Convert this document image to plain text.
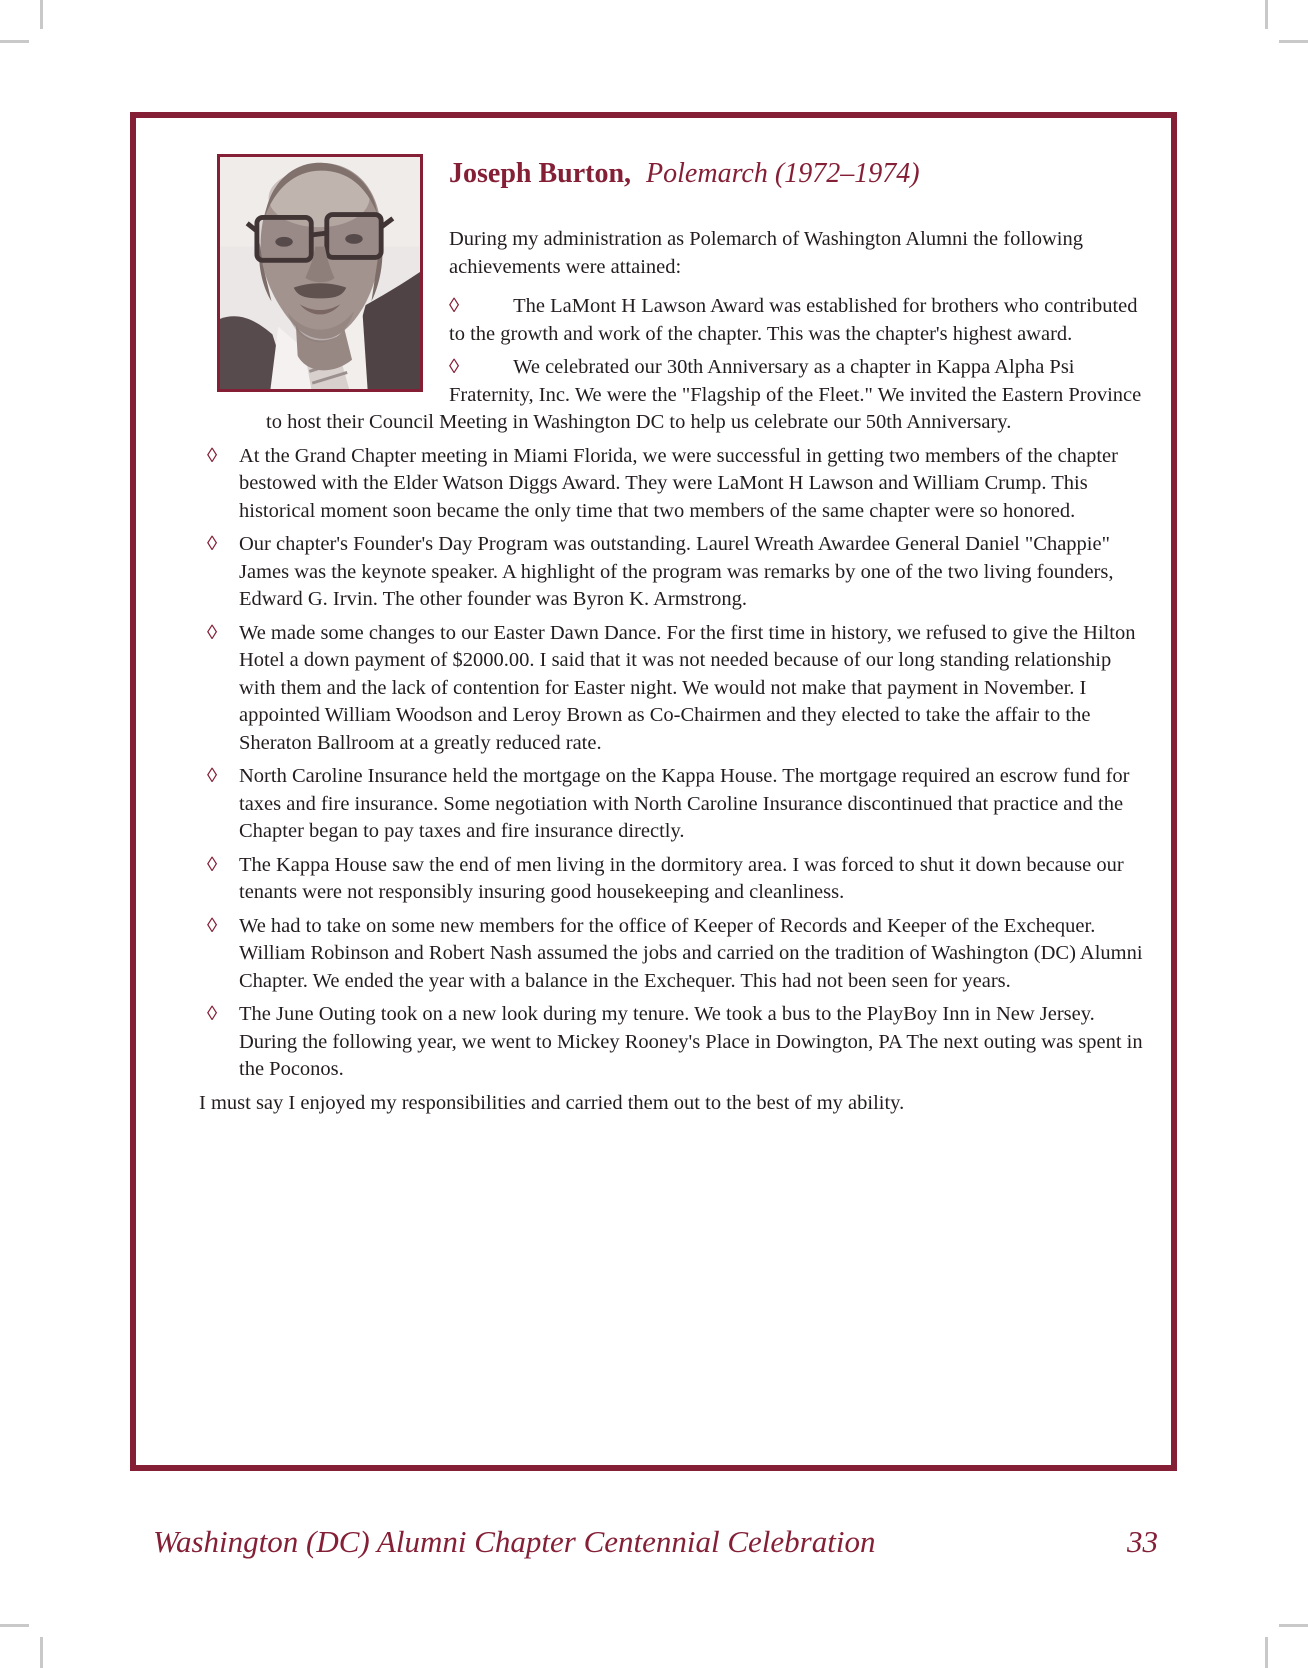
Joseph Burton, Polemarch (1972–1974)

During my administration as Polemarch of Washington Alumni the following achievements were attained:

◊	The LaMont H Lawson Award was established for brothers who contributed to the growth and work of the chapter. This was the chapter's highest award.

◊	We celebrated our 30th Anniversary as a chapter in Kappa Alpha Psi Fraternity, Inc. We were the "Flagship of the Fleet." We invited the Eastern Province to host their Council Meeting in Washington DC to help us celebrate our 50th Anniversary.

◊ At the Grand Chapter meeting in Miami Florida, we were successful in getting two members of the chapter bestowed with the Elder Watson Diggs Award. They were LaMont H Lawson and William Crump. This historical moment soon became the only time that two members of the same chapter were so honored.
◊ Our chapter's Founder's Day Program was outstanding. Laurel Wreath Awardee General Daniel "Chappie" James was the keynote speaker. A highlight of the program was remarks by one of the two living founders, Edward G. Irvin. The other founder was Byron K. Armstrong.
◊ We made some changes to our Easter Dawn Dance. For the first time in history, we refused to give the Hilton Hotel a down payment of $2000.00. I said that it was not needed because of our long standing relationship with them and the lack of contention for Easter night. We would not make that payment in November. I appointed William Woodson and Leroy Brown as Co-Chairmen and they elected to take the affair to the Sheraton Ballroom at a greatly reduced rate.
◊ North Caroline Insurance held the mortgage on the Kappa House. The mortgage required an escrow fund for taxes and fire insurance. Some negotiation with North Caroline Insurance discontinued that practice and the Chapter began to pay taxes and fire insurance directly.
◊ The Kappa House saw the end of men living in the dormitory area. I was forced to shut it down because our tenants were not responsibly insuring good housekeeping and cleanliness.
◊ We had to take on some new members for the office of Keeper of Records and Keeper of the Exchequer. William Robinson and Robert Nash assumed the jobs and carried on the tradition of Washington (DC) Alumni Chapter. We ended the year with a balance in the Exchequer. This had not been seen for years.
◊ The June Outing took on a new look during my tenure. We took a bus to the PlayBoy Inn in New Jersey. During the following year, we went to Mickey Rooney's Place in Dowington, PA The next outing was spent in the Poconos.

I must say I enjoyed my responsibilities and carried them out to the best of my ability.

Washington (DC) Alumni Chapter Centennial Celebration	33
